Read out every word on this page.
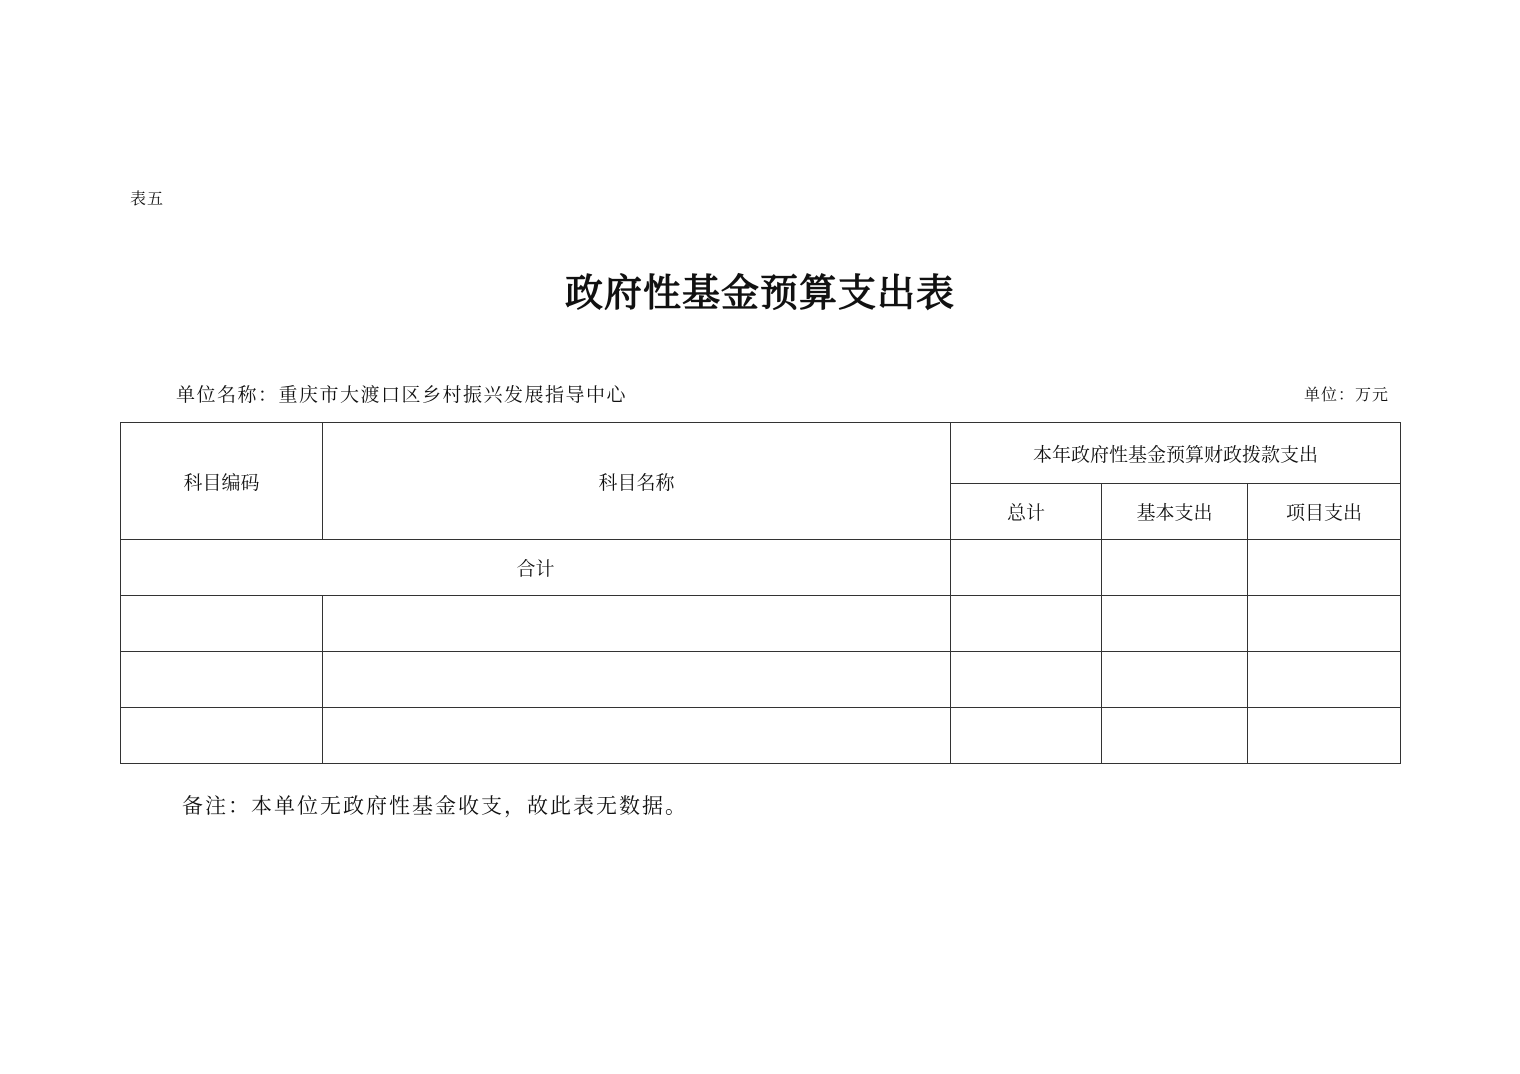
表五
政府性基金预算支出表
单位名称：重庆市大渡口区乡村振兴发展指导中心	单位：万元
科目编码	科目名称	本年政府性基金预算财政拨款支出		
		总计	基本支出	项目支出
合计				

备注：本单位无政府性基金收支，故此表无数据。
